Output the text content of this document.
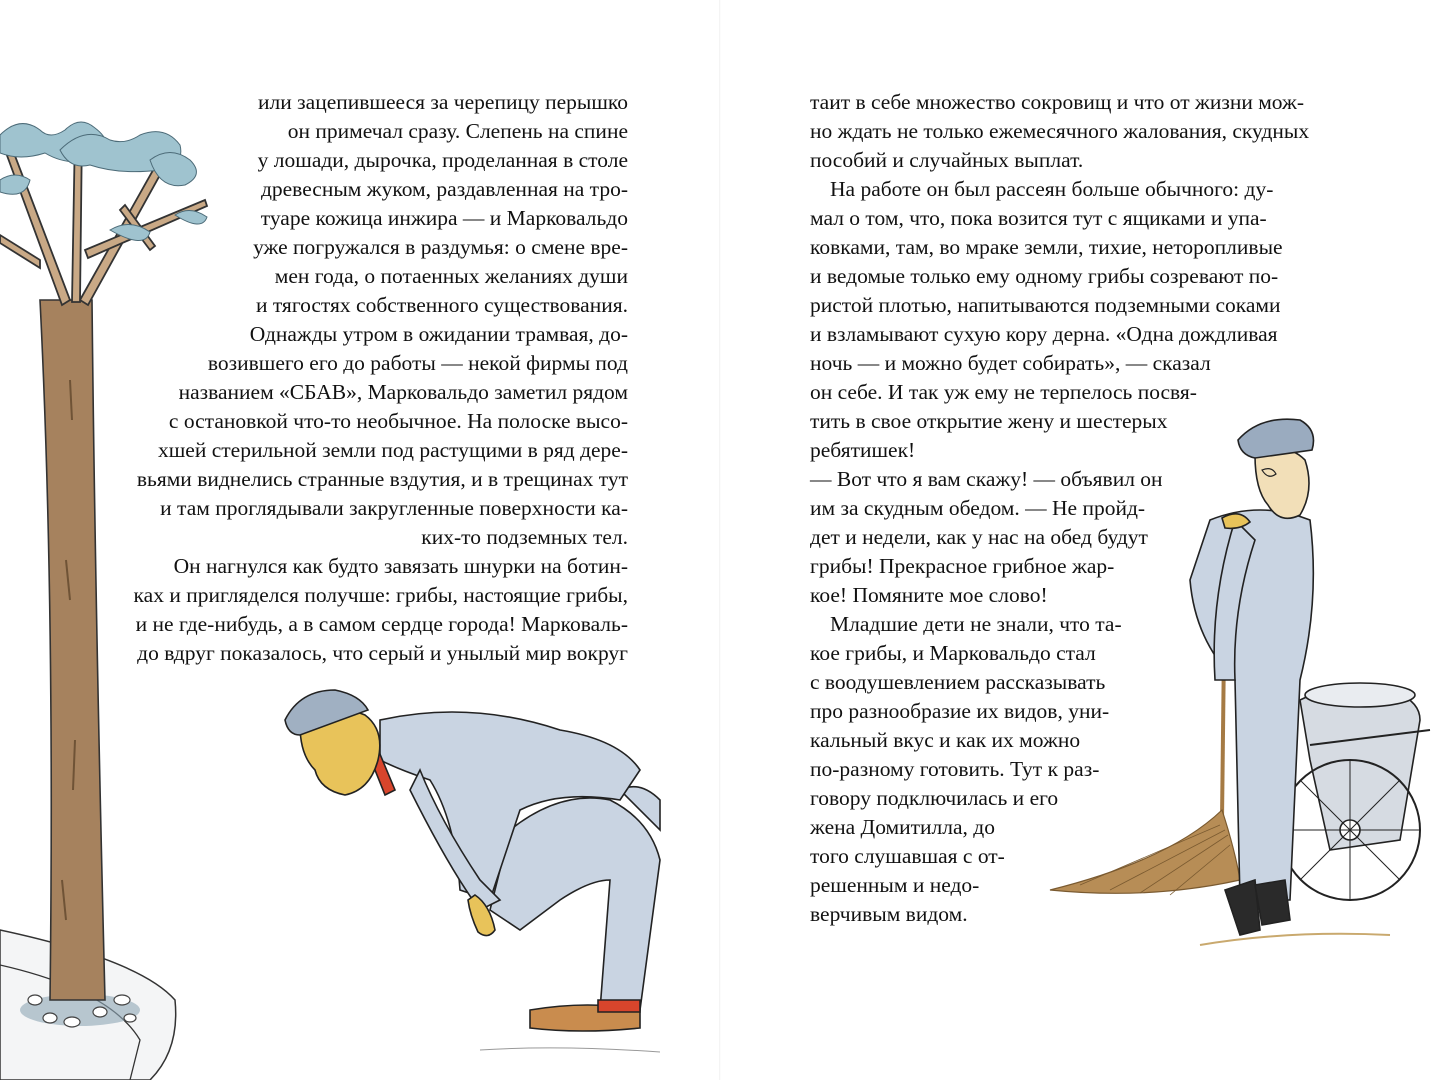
или зацепившееся за черепицу перышко

он примечал сразу. Слепень на спине

у лошади, дырочка, проделанная в столе

древесным жуком, раздавленная на тро-

туаре кожица инжира — и Марковальдо

уже погружался в раздумья: о смене вре-

мен года, о потаенных желаниях души

и тягостях собственного существования.

Однажды утром в ожидании трамвая, до-

возившего его до работы — некой фирмы под

названием «СБАВ», Марковальдо заметил рядом

с остановкой что-то необычное. На полоске высо-

хшей стерильной земли под растущими в ряд дере-

вьями виднелись странные вздутия, и в трещинах тут

и там проглядывали закругленные поверхности ка-

ких-то подземных тел.

Он нагнулся как будто завязать шнурки на ботин-

ках и пригляделся получше: грибы, настоящие грибы,

и не где-нибудь, а в самом сердце города! Марковаль-

до вдруг показалось, что серый и унылый мир вокруг

таит в себе множество сокровищ и что от жизни мож-

но ждать не только ежемесячного жалования, скудных

пособий и случайных выплат.

На работе он был рассеян больше обычного: ду-

мал о том, что, пока возится тут с ящиками и упа-

ковками, там, во мраке земли, тихие, неторопливые

и ведомые только ему одному грибы созревают по-

ристой плотью, напитываются подземными соками

и взламывают сухую кору дерна. «Одна дождливая

ночь — и можно будет собирать», — сказал

он себе. И так уж ему не терпелось посвя-

тить в свое открытие жену и шестерых

ребятишек!

— Вот что я вам скажу! — объявил он

им за скудным обедом. — Не пройд-

дет и недели, как у нас на обед будут

грибы! Прекрасное грибное жар-

кое! Помяните мое слово!

Младшие дети не знали, что та-

кое грибы, и Марковальдо стал

с воодушевлением рассказывать

про разнообразие их видов, уни-

кальный вкус и как их можно

по-разному готовить. Тут к раз-

говору подключилась и его

жена Домитилла, до

того слушавшая с от-

решенным и недо-

верчивым видом.
